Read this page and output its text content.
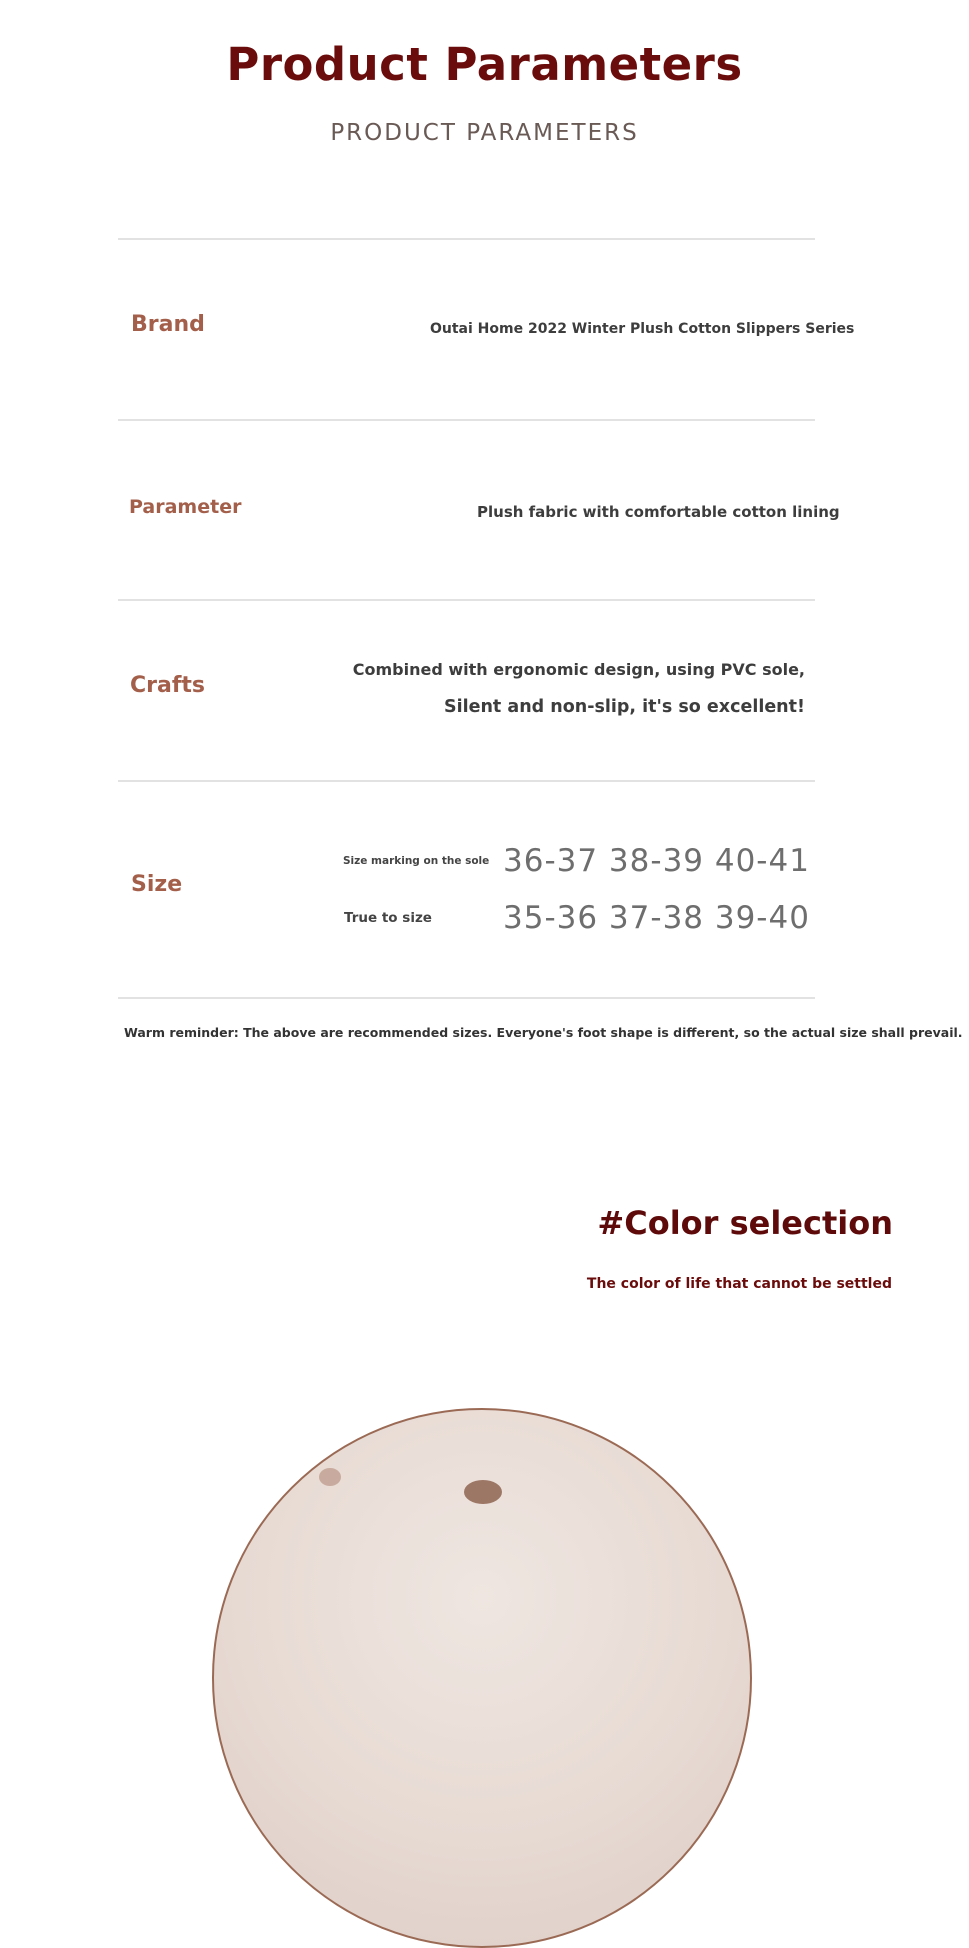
Product Parameters
PRODUCT PARAMETERS
Brand	Outai Home 2022 Winter Plush Cotton Slippers Series
Parameter	Plush fabric with comfortable cotton lining
Crafts
Combined with ergonomic design, using PVC sole,
Silent and non-slip, it's so excellent!
Size
Size marking on the sole 36-37 38-39 40-41
True to size 35-36 37-38 39-40
Warm reminder: The above are recommended sizes. Everyone's foot shape is different, so the actual size shall prevail.
#Color selection
The color of life that cannot be settled
